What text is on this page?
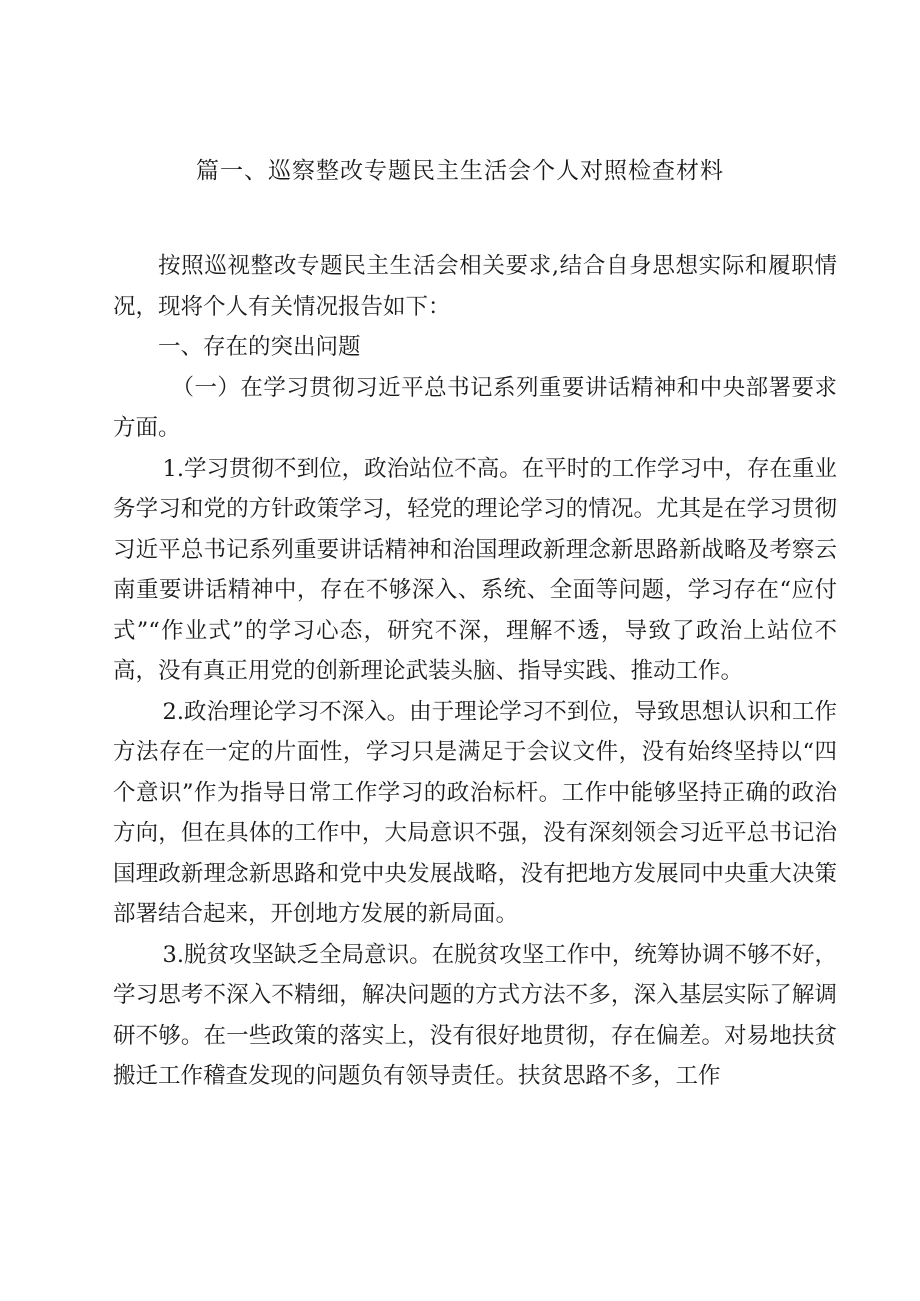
篇一、巡察整改专题民主生活会个人对照检查材料

按照巡视整改专题民主生活会相关要求,结合自身思想实际和履职情况，现将个人有关情况报告如下：

一、存在的突出问题

（一）在学习贯彻习近平总书记系列重要讲话精神和中央部署要求方面。

1.学习贯彻不到位，政治站位不高。在平时的工作学习中，存在重业务学习和党的方针政策学习，轻党的理论学习的情况。尤其是在学习贯彻习近平总书记系列重要讲话精神和治国理政新理念新思路新战略及考察云南重要讲话精神中，存在不够深入、系统、全面等问题，学习存在“应付式”“作业式”的学习心态，研究不深，理解不透，导致了政治上站位不高，没有真正用党的创新理论武装头脑、指导实践、推动工作。

2.政治理论学习不深入。由于理论学习不到位，导致思想认识和工作方法存在一定的片面性，学习只是满足于会议文件，没有始终坚持以“四个意识”作为指导日常工作学习的政治标杆。工作中能够坚持正确的政治方向，但在具体的工作中，大局意识不强，没有深刻领会习近平总书记治国理政新理念新思路和党中央发展战略，没有把地方发展同中央重大决策部署结合起来，开创地方发展的新局面。

3.脱贫攻坚缺乏全局意识。在脱贫攻坚工作中，统筹协调不够不好，学习思考不深入不精细，解决问题的方式方法不多，深入基层实际了解调研不够。在一些政策的落实上，没有很好地贯彻，存在偏差。对易地扶贫搬迁工作稽查发现的问题负有领导责任。扶贫思路不多，工作
